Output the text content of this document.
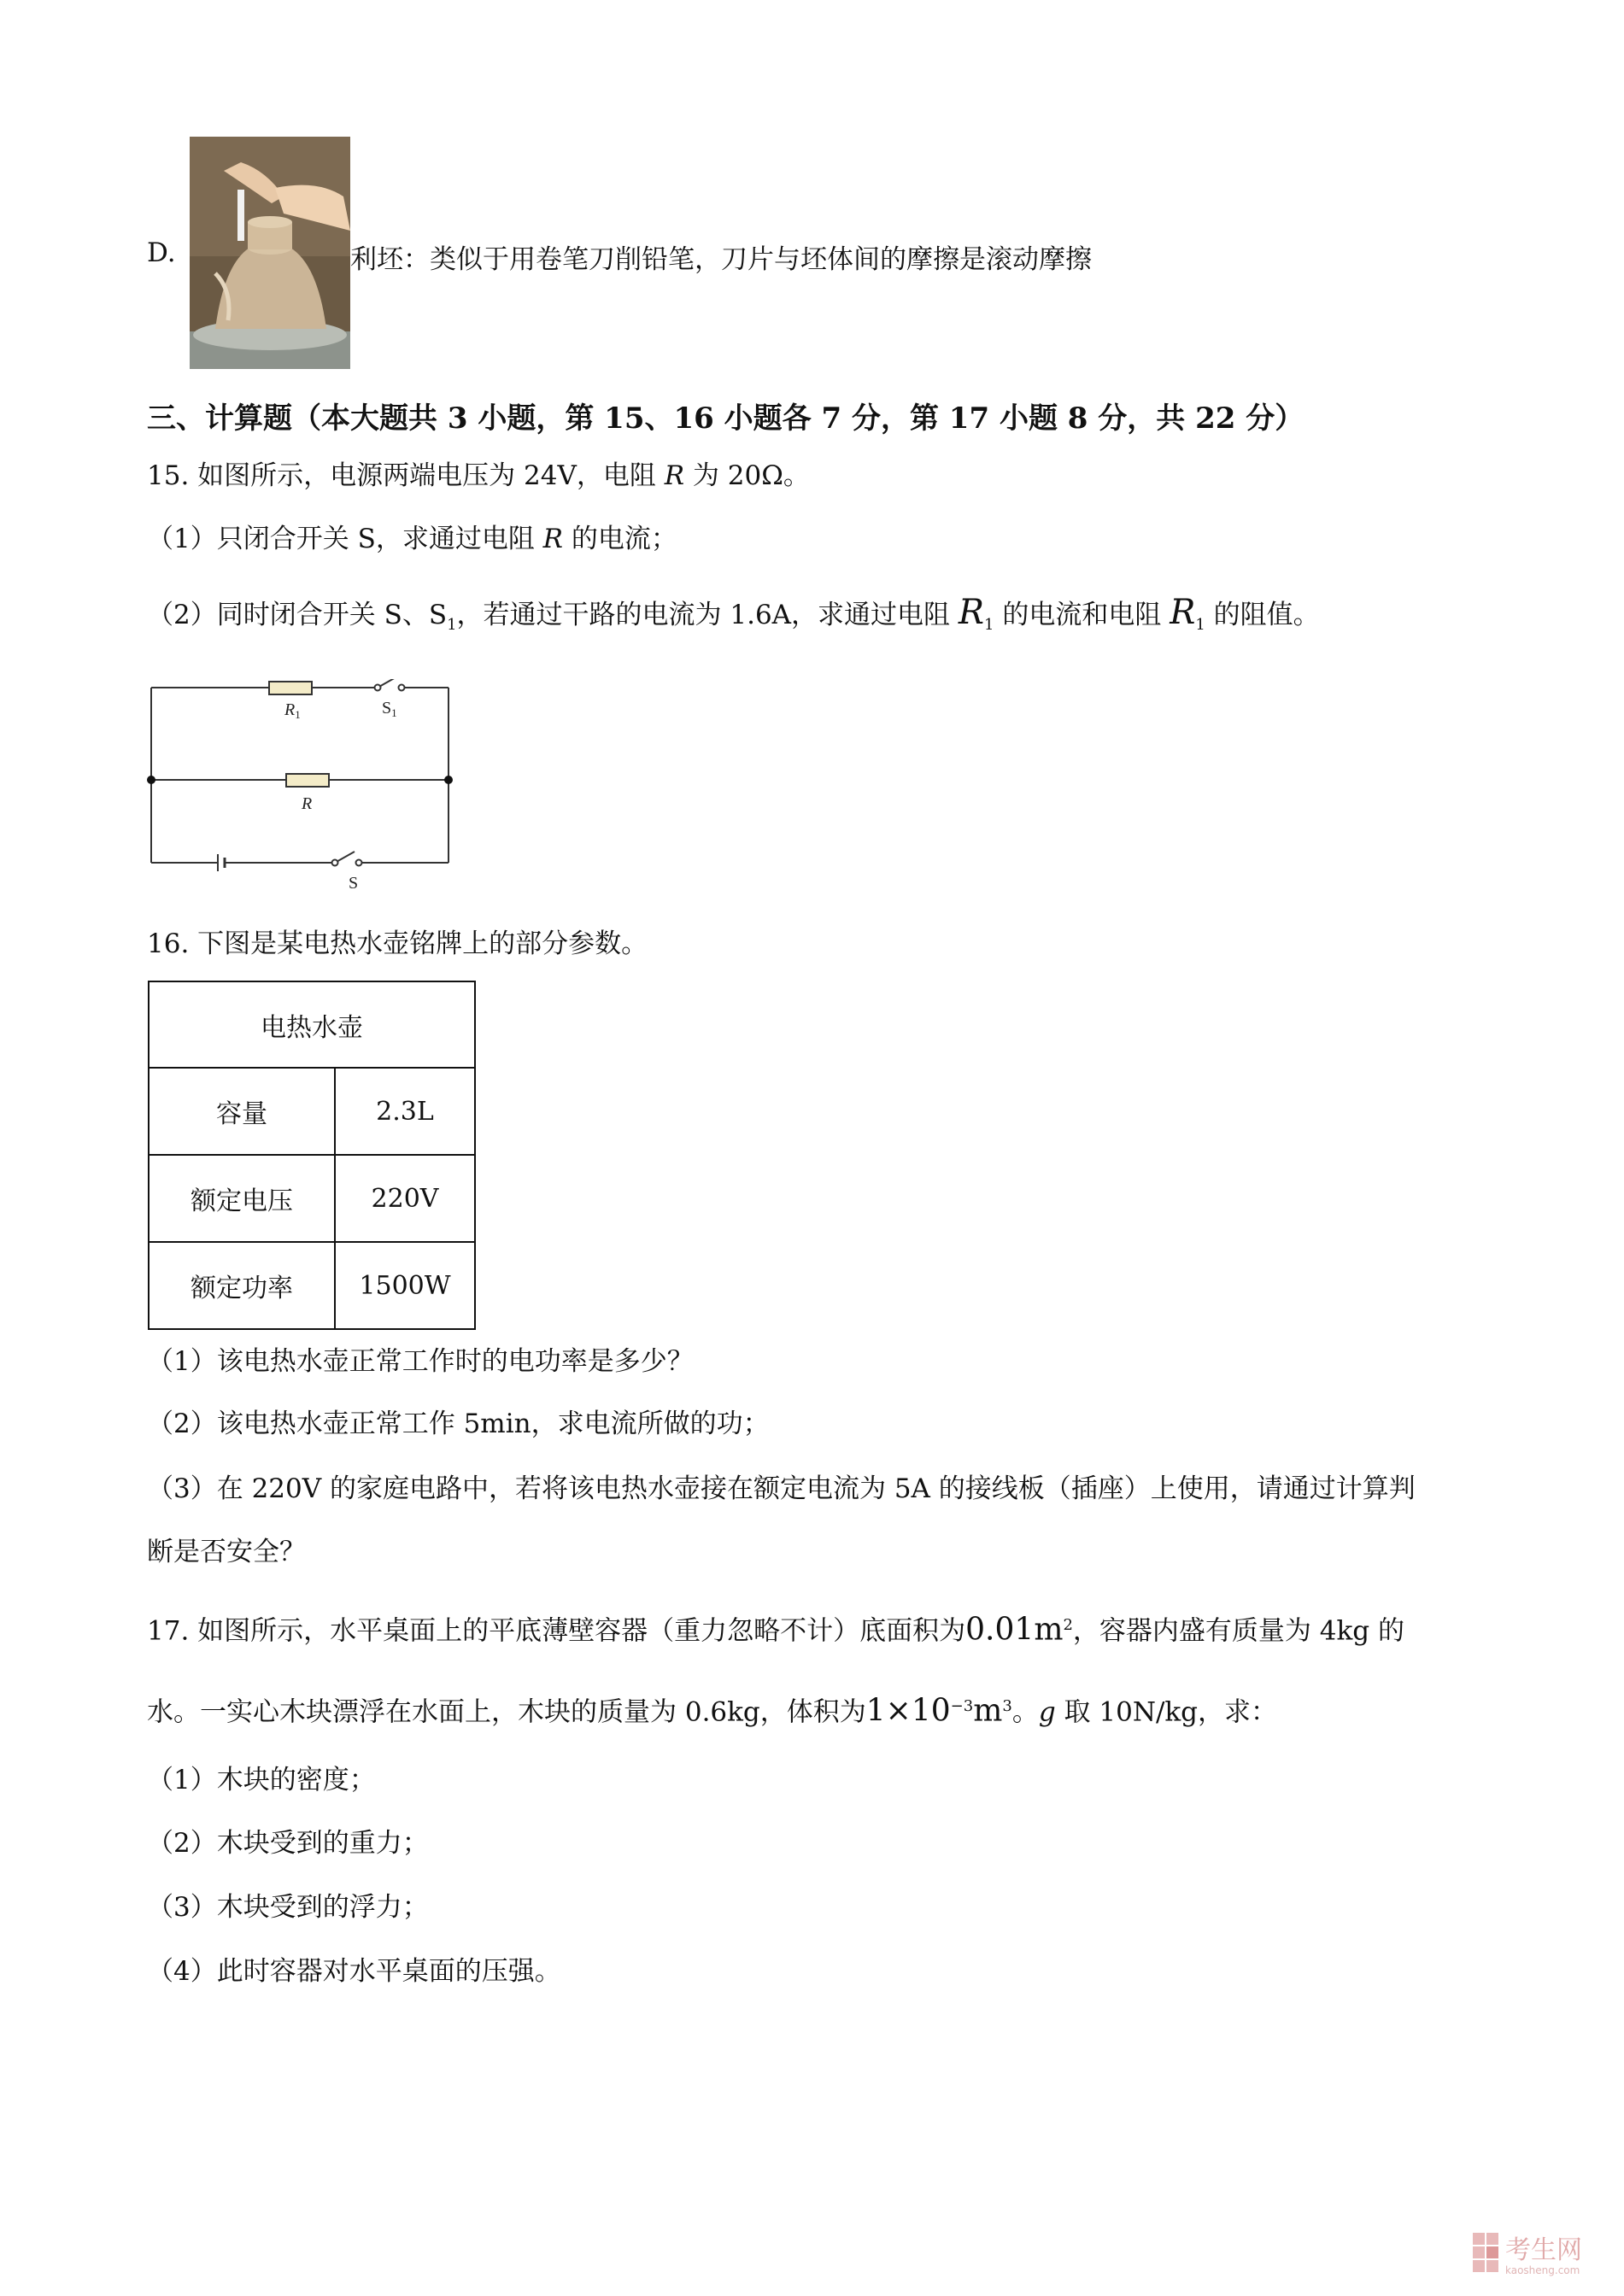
D.	利坯：类似于用卷笔刀削铅笔，刀片与坯体间的摩擦是滚动摩擦
三、计算题（本大题共 3 小题，第 15、16 小题各 7 分，第 17 小题 8 分，共 22 分）
15. 如图所示，电源两端电压为 24V，电阻 R 为 20Ω。
（1）只闭合开关 S，求通过电阻 R 的电流；
（2）同时闭合开关 S、$S_1$，若通过干路的电流为 1.6A，求通过电阻 $R_1$ 的电流和电阻 $R_1$ 的阻值。
$R_1$	$S_1$
R
S
16. 下图是某电热水壶铭牌上的部分参数。
电热水壶	
容量	2.3L
额定电压	220V
额定功率	1500W
（1）该电热水壶正常工作时的电功率是多少？
（2）该电热水壶正常工作 5min，求电流所做的功；
（3）在 220V 的家庭电路中，若将该电热水壶接在额定电流为 5A 的接线板（插座）上使用，请通过计算判
断是否安全？
17. 如图所示，水平桌面上的平底薄壁容器（重力忽略不计）底面积为$0.01m^2$，容器内盛有质量为 4kg 的
水。一实心木块漂浮在水面上，木块的质量为 0.6kg，体积为$1\times 10^{-3}m^3$。g 取 10N/kg，求：
（1）木块的密度；
（2）木块受到的重力；
（3）木块受到的浮力；
（4）此时容器对水平桌面的压强。
考生网
kaosheng.com
